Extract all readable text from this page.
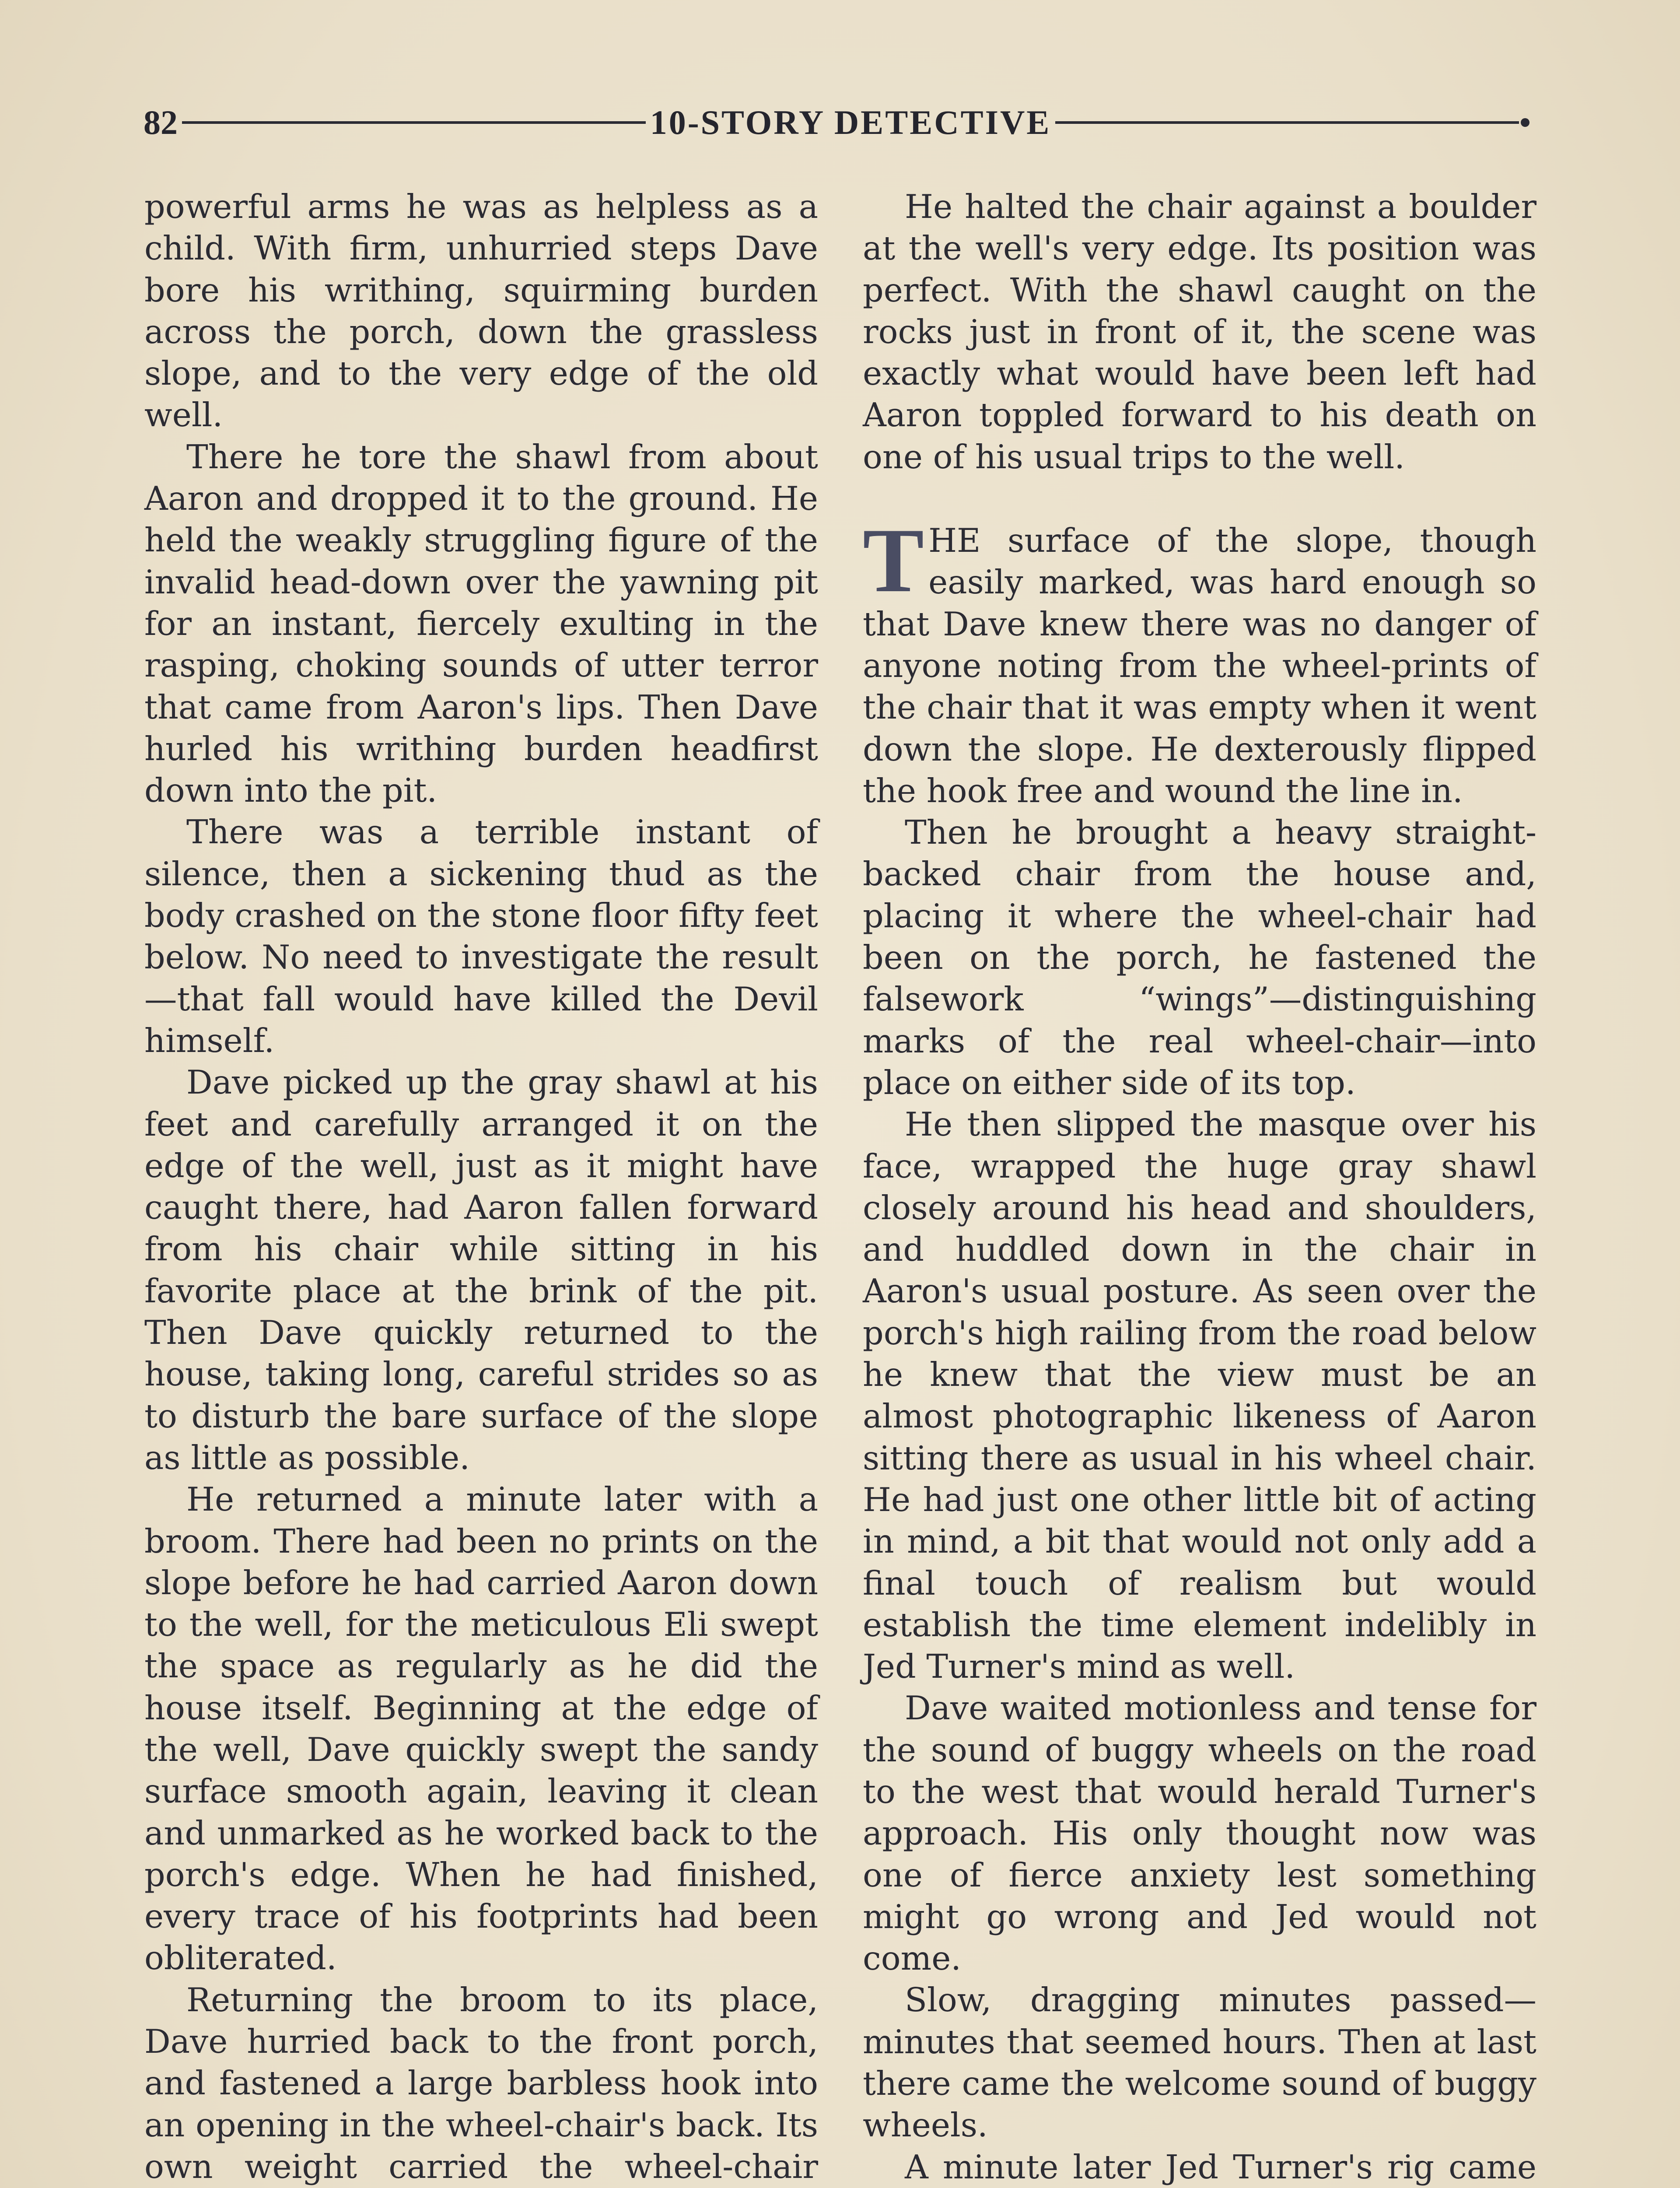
82	10-STORY DETECTIVE

powerful arms he was as helpless as a child. With firm, unhurried steps Dave bore his writhing, squirming burden across the porch, down the grassless slope, and to the very edge of the old well.

There he tore the shawl from about Aaron and dropped it to the ground. He held the weakly struggling figure of the invalid head-down over the yawning pit for an instant, fiercely exulting in the rasping, choking sounds of utter terror that came from Aaron's lips. Then Dave hurled his writhing burden headfirst down into the pit.

There was a terrible instant of silence, then a sickening thud as the body crashed on the stone floor fifty feet below. No need to investigate the result—that fall would have killed the Devil himself.

Dave picked up the gray shawl at his feet and carefully arranged it on the edge of the well, just as it might have caught there, had Aaron fallen forward from his chair while sitting in his favorite place at the brink of the pit. Then Dave quickly returned to the house, taking long, careful strides so as to disturb the bare surface of the slope as little as possible.

He returned a minute later with a broom. There had been no prints on the slope before he had carried Aaron down to the well, for the meticulous Eli swept the space as regularly as he did the house itself. Beginning at the edge of the well, Dave quickly swept the sandy surface smooth again, leaving it clean and unmarked as he worked back to the porch's edge. When he had finished, every trace of his footprints had been obliterated.

Returning the broom to its place, Dave hurried back to the front porch, and fastened a large barbless hook into an opening in the wheel-chair's back. Its own weight carried the wheel-chair

He halted the chair against a boulder at the well's very edge. Its position was perfect. With the shawl caught on the rocks just in front of it, the scene was exactly what would have been left had Aaron toppled forward to his death on one of his usual trips to the well.

THE surface of the slope, though easily marked, was hard enough so that Dave knew there was no danger of anyone noting from the wheel-prints of the chair that it was empty when it went down the slope. He dexterously flipped the hook free and wound the line in.

Then he brought a heavy straight-backed chair from the house and, placing it where the wheel-chair had been on the porch, he fastened the falsework “wings”—distinguishing marks of the real wheel-chair—into place on either side of its top.

He then slipped the masque over his face, wrapped the huge gray shawl closely around his head and shoulders, and huddled down in the chair in Aaron's usual posture. As seen over the porch's high railing from the road below he knew that the view must be an almost photographic likeness of Aaron sitting there as usual in his wheel chair. He had just one other little bit of acting in mind, a bit that would not only add a final touch of realism but would establish the time element indelibly in Jed Turner's mind as well.

Dave waited motionless and tense for the sound of buggy wheels on the road to the west that would herald Turner's approach. His only thought now was one of fierce anxiety lest something might go wrong and Jed would not come.

Slow, dragging minutes passed—minutes that seemed hours. Then at last there came the welcome sound of buggy wheels.

A minute later Jed Turner's rig came
